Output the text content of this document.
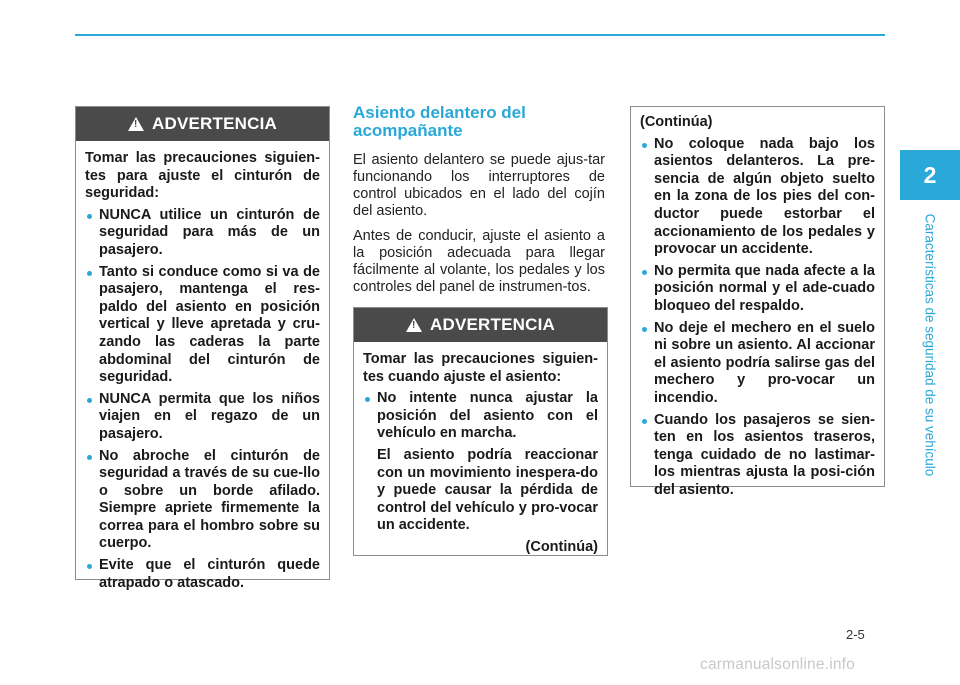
!
ADVERTENCIA

Tomar las precauciones siguien-tes para ajuste el cinturón de seguridad:

NUNCA utilice un cinturón de seguridad para más de un pasajero.
Tanto si conduce como si va de pasajero, mantenga el res-paldo del asiento en posición vertical y lleve apretada y cru-zando las caderas la parte abdominal del cinturón de seguridad.
NUNCA permita que los niños viajen en el regazo de un pasajero.
No abroche el cinturón de seguridad a través de su cue-llo o sobre un borde afilado. Siempre apriete firmemente la correa para el hombro sobre su cuerpo.
Evite que el cinturón quede atrapado o atascado.
Asiento delantero del acompañante

El asiento delantero se puede ajus-tar funcionando los interruptores de control ubicados en el lado del cojín del asiento.

Antes de conducir, ajuste el asiento a la posición adecuada para llegar fácilmente al volante, los pedales y los controles del panel de instrumen-tos.

!
ADVERTENCIA

Tomar las precauciones siguien-tes cuando ajuste el asiento:

No intente nunca ajustar la posición del asiento con el vehículo en marcha.

El asiento podría reaccionar con un movimiento inespera-do y puede causar la pérdida de control del vehículo y pro-vocar un accidente.

(Continúa)

(Continúa)

No coloque nada bajo los asientos delanteros. La pre-sencia de algún objeto suelto en la zona de los pies del con-ductor puede estorbar el accionamiento de los pedales y provocar un accidente.
No permita que nada afecte a la posición normal y el ade-cuado bloqueo del respaldo.
No deje el mechero en el suelo ni sobre un asiento. Al accionar el asiento podría salirse gas del mechero y pro-vocar un incendio.
Cuando los pasajeros se sien-ten en los asientos traseros, tenga cuidado de no lastimar-los mientras ajusta la posi-ción del asiento.
2
Características de seguridad de su vehículo
2-5
carmanualsonline.info
